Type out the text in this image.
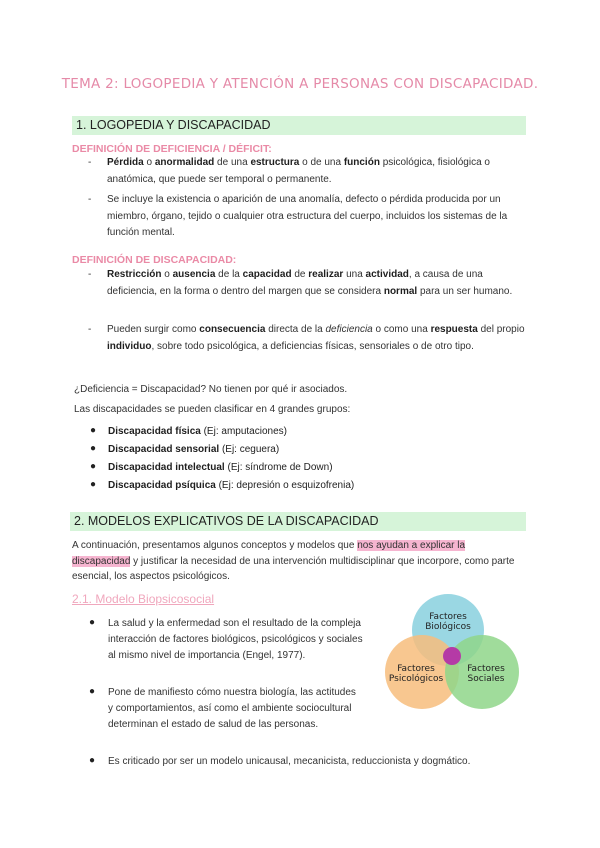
TEMA 2: LOGOPEDIA Y ATENCIÓN A PERSONAS CON DISCAPACIDAD.
1. LOGOPEDIA Y DISCAPACIDAD
DEFINICIÓN DE DEFICIENCIA / DÉFICIT:
- Pérdida o anormalidad de una estructura o de una función psicológica, fisiológica o anatómica, que puede ser temporal o permanente.
- Se incluye la existencia o aparición de una anomalía, defecto o pérdida producida por un miembro, órgano, tejido o cualquier otra estructura del cuerpo, incluidos los sistemas de la función mental.
DEFINICIÓN DE DISCAPACIDAD:
- Restricción o ausencia de la capacidad de realizar una actividad, a causa de una deficiencia, en la forma o dentro del margen que se considera normal para un ser humano.
- Pueden surgir como consecuencia directa de la deficiencia o como una respuesta del propio individuo, sobre todo psicológica, a deficiencias físicas, sensoriales o de otro tipo.
¿Deficiencia = Discapacidad? No tienen por qué ir asociados.
Las discapacidades se pueden clasificar en 4 grandes grupos:
● Discapacidad física (Ej: amputaciones)
● Discapacidad sensorial (Ej: ceguera)
● Discapacidad intelectual (Ej: síndrome de Down)
● Discapacidad psíquica (Ej: depresión o esquizofrenia)
2. MODELOS EXPLICATIVOS DE LA DISCAPACIDAD
A continuación, presentamos algunos conceptos y modelos que nos ayudan a explicar la
discapacidad y justificar la necesidad de una intervención multidisciplinar que incorpore, como parte esencial, los aspectos psicológicos.
2.1. Modelo Biopsicosocial
● La salud y la enfermedad son el resultado de la compleja interacción de factores biológicos, psicológicos y sociales al mismo nivel de importancia (Engel, 1977).
● Pone de manifiesto cómo nuestra biología, las actitudes y comportamientos, así como el ambiente sociocultural determinan el estado de salud de las personas.
● Es criticado por ser un modelo unicausal, mecanicista, reduccionista y dogmático.
Factores
Biológicos
Factores
Psicológicos
Factores
Sociales
